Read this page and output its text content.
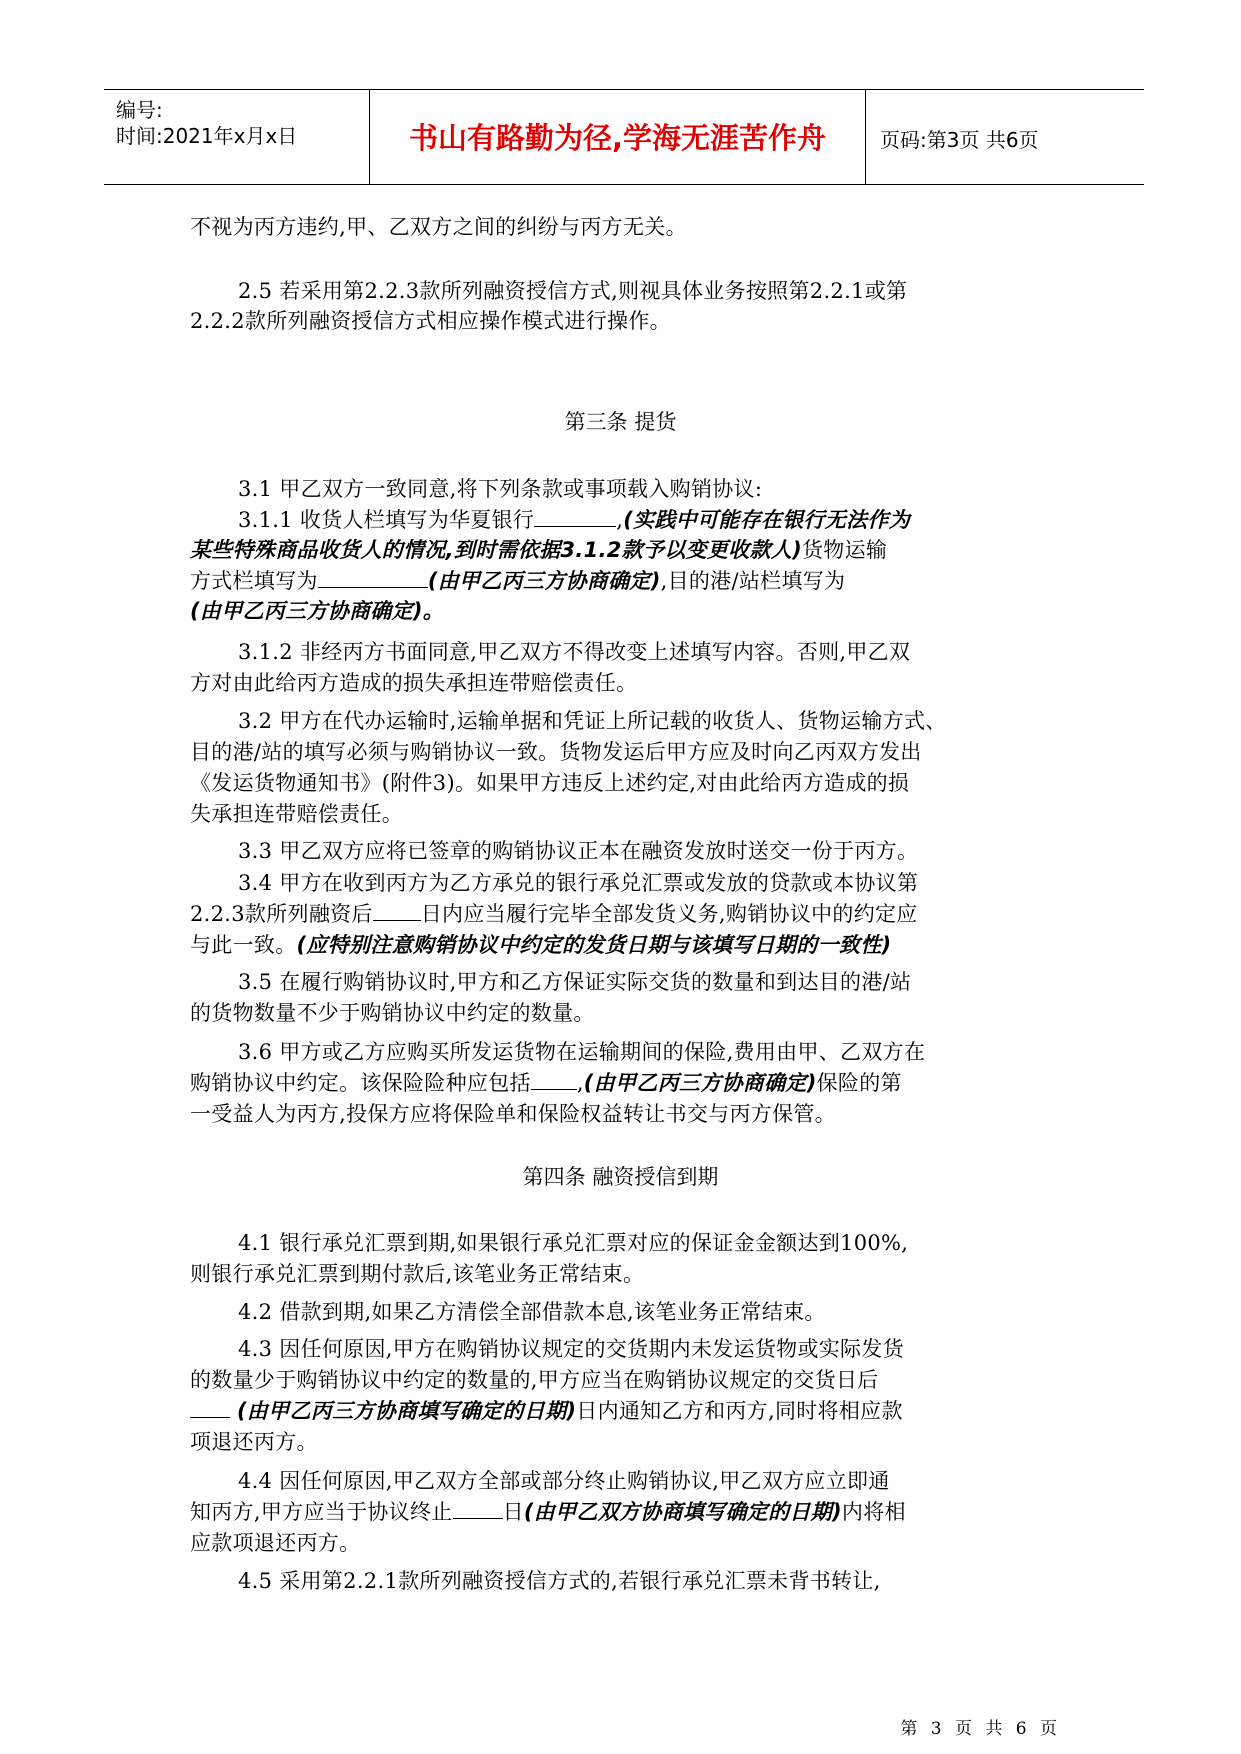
编号:
时间:2021年x月x日	书山有路勤为径,学海无涯苦作舟	页码:第3页 共6页
不视为丙方违约,甲、乙双方之间的纠纷与丙方无关。
2.5 若采用第2.2.3款所列融资授信方式,则视具体业务按照第2.2.1或第
2.2.2款所列融资授信方式相应操作模式进行操作。
第三条 提货
3.1 甲乙双方一致同意,将下列条款或事项载入购销协议:
3.1.1 收货人栏填写为华夏银行	,(实践中可能存在银行无法作为
某些特殊商品收货人的情况,到时需依据3.1.2款予以变更收款人)货物运输
方式栏填写为	(由甲乙丙三方协商确定),目的港/站栏填写为
(由甲乙丙三方协商确定)。
3.1.2 非经丙方书面同意,甲乙双方不得改变上述填写内容。否则,甲乙双
方对由此给丙方造成的损失承担连带赔偿责任。
3.2 甲方在代办运输时,运输单据和凭证上所记载的收货人、货物运输方式、
目的港/站的填写必须与购销协议一致。货物发运后甲方应及时向乙丙双方发出
《发运货物通知书》(附件3)。如果甲方违反上述约定,对由此给丙方造成的损
失承担连带赔偿责任。
3.3 甲乙双方应将已签章的购销协议正本在融资发放时送交一份于丙方。
3.4 甲方在收到丙方为乙方承兑的银行承兑汇票或发放的贷款或本协议第
2.2.3款所列融资后 日内应当履行完毕全部发货义务,购销协议中的约定应
与此一致。(应特别注意购销协议中约定的发货日期与该填写日期的一致性)
3.5 在履行购销协议时,甲方和乙方保证实际交货的数量和到达目的港/站
的货物数量不少于购销协议中约定的数量。
3.6 甲方或乙方应购买所发运货物在运输期间的保险,费用由甲、乙双方在
购销协议中约定。该保险险种应包括 ,(由甲乙丙三方协商确定)保险的第
一受益人为丙方,投保方应将保险单和保险权益转让书交与丙方保管。
第四条 融资授信到期
4.1 银行承兑汇票到期,如果银行承兑汇票对应的保证金金额达到100%,
则银行承兑汇票到期付款后,该笔业务正常结束。
4.2 借款到期,如果乙方清偿全部借款本息,该笔业务正常结束。
4.3 因任何原因,甲方在购销协议规定的交货期内未发运货物或实际发货
的数量少于购销协议中约定的数量的,甲方应当在购销协议规定的交货日后
(由甲乙丙三方协商填写确定的日期)日内通知乙方和丙方,同时将相应款
项退还丙方。
4.4 因任何原因,甲乙双方全部或部分终止购销协议,甲乙双方应立即通
知丙方,甲方应当于协议终止 日(由甲乙双方协商填写确定的日期)内将相
应款项退还丙方。
4.5 采用第2.2.1款所列融资授信方式的,若银行承兑汇票未背书转让,
第 3 页 共 6 页
